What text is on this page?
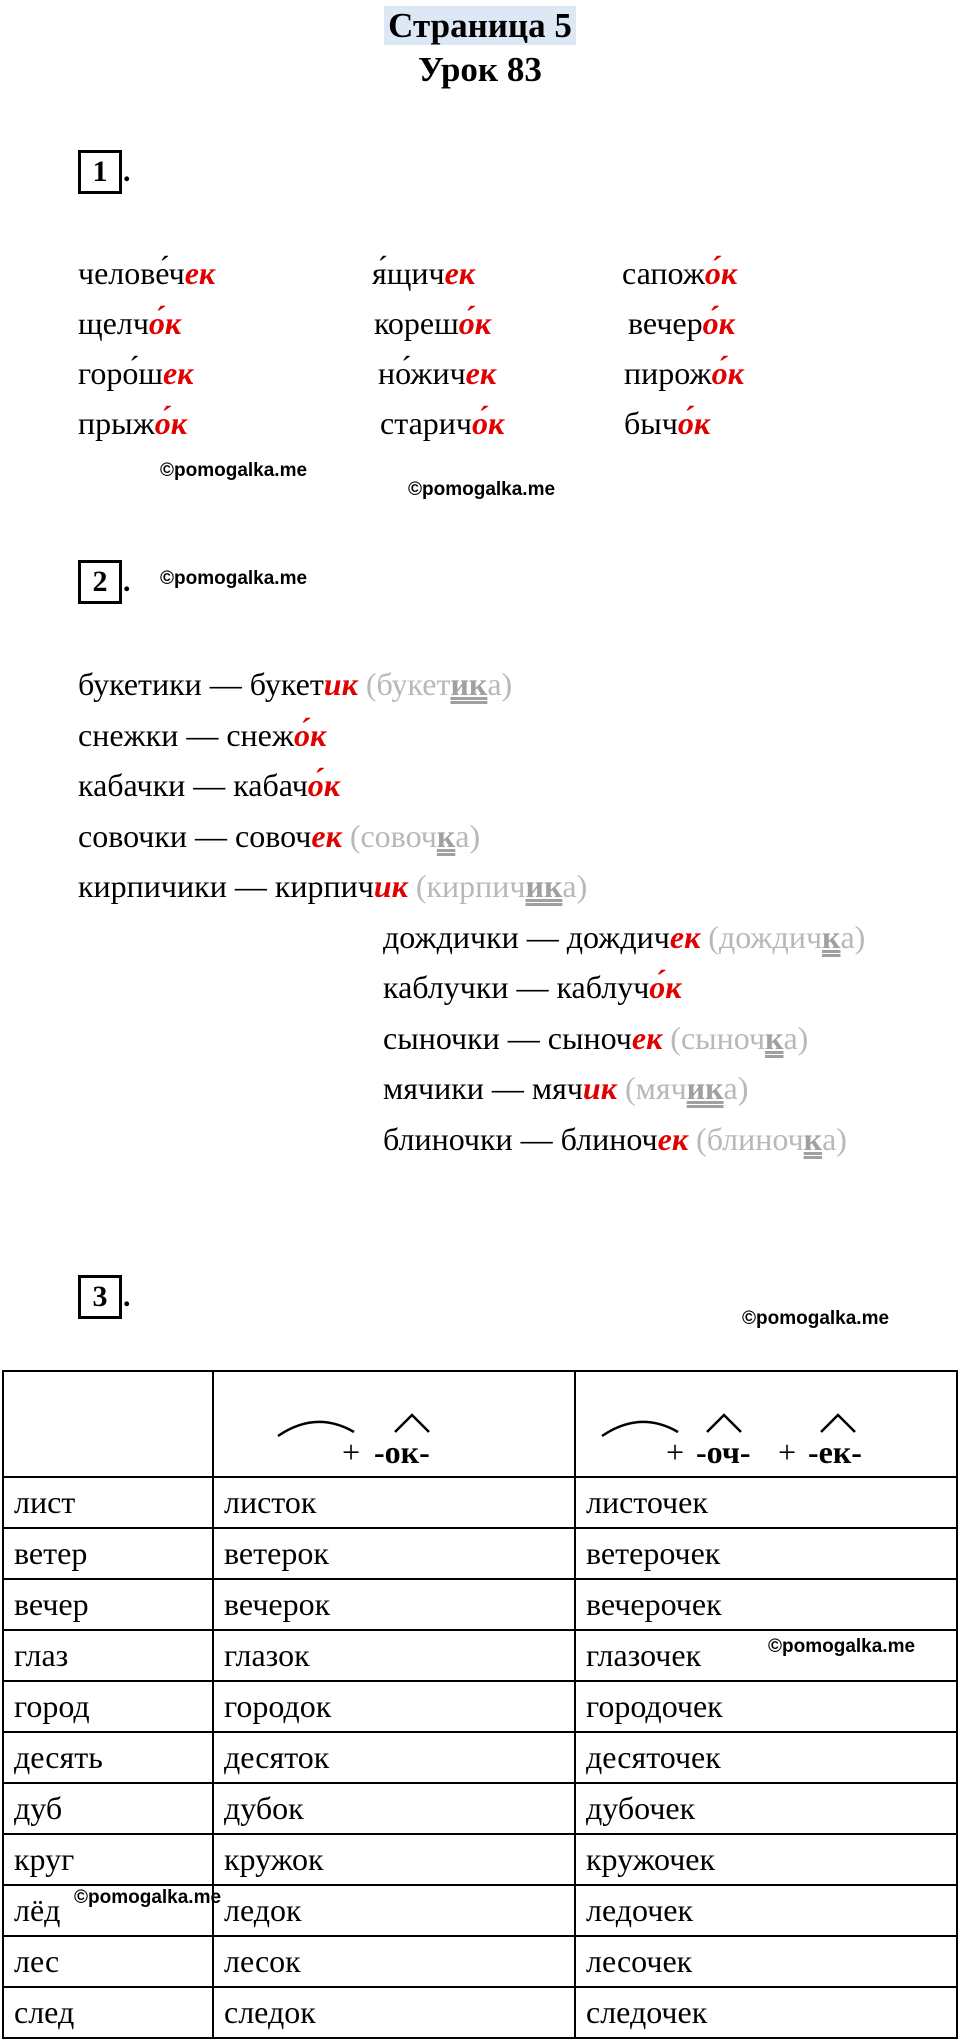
Страница 5
Урок 83
1 .
челове́чек	я́щичек	сапожо́к
щелчо́к	корешо́к	вечеро́к
горо́шек	но́жичек	пирожо́к
прыжо́к	старичо́к	бычо́к
©pomogalka.me
©pomogalka.me
2 . ©pomogalka.me
букетики — букетик (букетика)
снежки — снежо́к
кабачки — кабачо́к
совочки — совочек (совочка)
кирпичики — кирпичик (кирпичика)
дождички — дождичек (дождичка)
каблучки — каблучо́к
сыночки — сыночек (сыночка)
мячики — мячик (мячика)
блиночки — блиночек (блиночка)
3 .
©pomogalka.me

	+ -ок-	+ -оч- + -ек-

лист	листок	листочек
ветер	ветерок	ветерочек
вечер	вечерок	вечерочек
глаз	глазок	глазочек
город	городок	городочек
десять	десяток	десяточек
дуб	дубок	дубочек
круг	кружок	кружочек
лёд	ледок	ледочек
лес	лесок	лесочек
след	следок	следочек
©pomogalka.me
©pomogalka.me
